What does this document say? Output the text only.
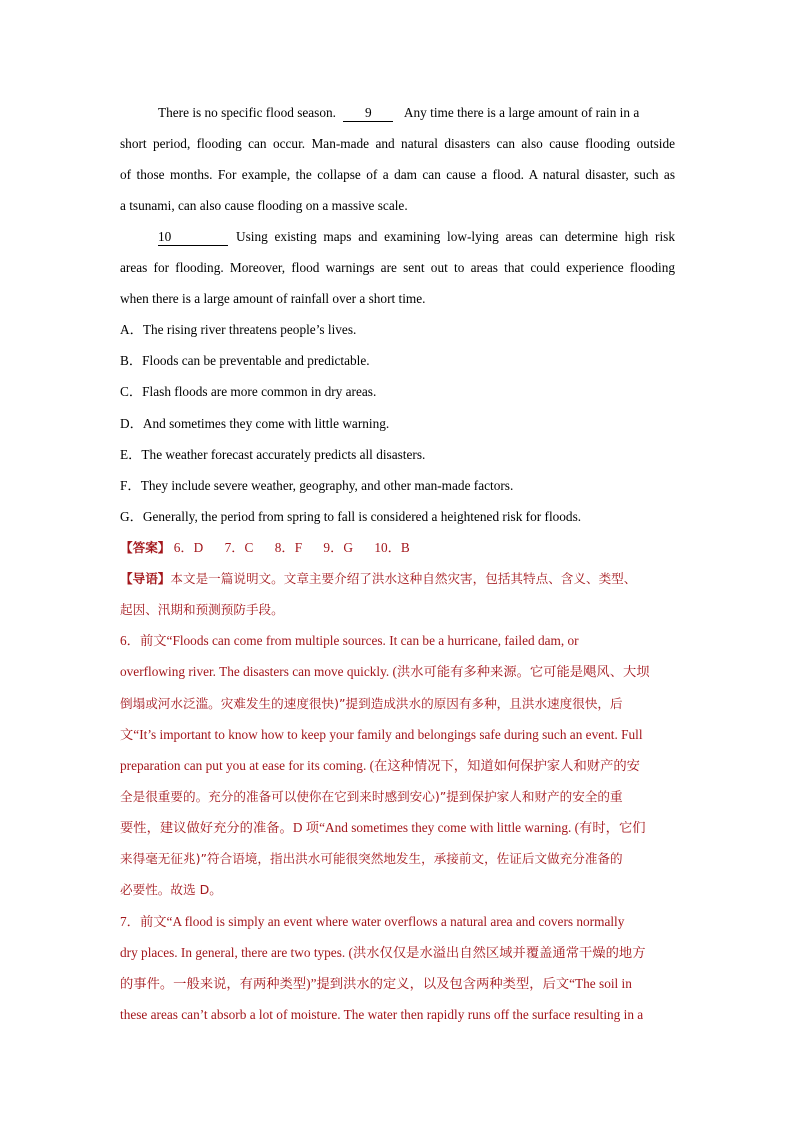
There is no specific flood season. 9 Any time there is a large amount of rain in a
short period, flooding can occur. Man-made and natural disasters can also cause flooding outside
of those months. For example, the collapse of a dam can cause a flood. A natural disaster, such as
a tsunami, can also cause flooding on a massive scale.
10	Using existing maps and examining low-lying areas can determine high risk
areas for flooding. Moreover, flood warnings are sent out to areas that could experience flooding
when there is a large amount of rainfall over a short time.
A．The rising river threatens people’s lives.
B．Floods can be preventable and predictable.
C．Flash floods are more common in dry areas.
D．And sometimes they come with little warning.
E．The weather forecast accurately predicts all disasters.
F．They include severe weather, geography, and other man-made factors.
G．Generally, the period from spring to fall is considered a heightened risk for floods.
【答案】 6．D 7．C 8．F 9．G 10．B
【导语】本文是一篇说明文。文章主要介绍了洪水这种自然灾害，包括其特点、含义、类型、
起因、汛期和预测预防手段。
6．前文“Floods can come from multiple sources. It can be a hurricane, failed dam, or
overflowing river. The disasters can move quickly. (洪水可能有多种来源。它可能是飓风、大坝
倒塌或河水泛滥。灾难发生的速度很快)”提到造成洪水的原因有多种，且洪水速度很快，后
文“It’s important to know how to keep your family and belongings safe during such an event. Full
preparation can put you at ease for its coming. (在这种情况下，知道如何保护家人和财产的安
全是很重要的。充分的准备可以使你在它到来时感到安心)”提到保护家人和财产的安全的重
要性，建议做好充分的准备。D 项“And sometimes they come with little warning. (有时，它们
来得毫无征兆)”符合语境，指出洪水可能很突然地发生，承接前文，佐证后文做充分准备的
必要性。故选 D。
7．前文“A flood is simply an event where water overflows a natural area and covers normally
dry places. In general, there are two types. (洪水仅仅是水溢出自然区域并覆盖通常干燥的地方
的事件。一般来说，有两种类型)”提到洪水的定义，以及包含两种类型，后文“The soil in
these areas can’t absorb a lot of moisture. The water then rapidly runs off the surface resulting in a
